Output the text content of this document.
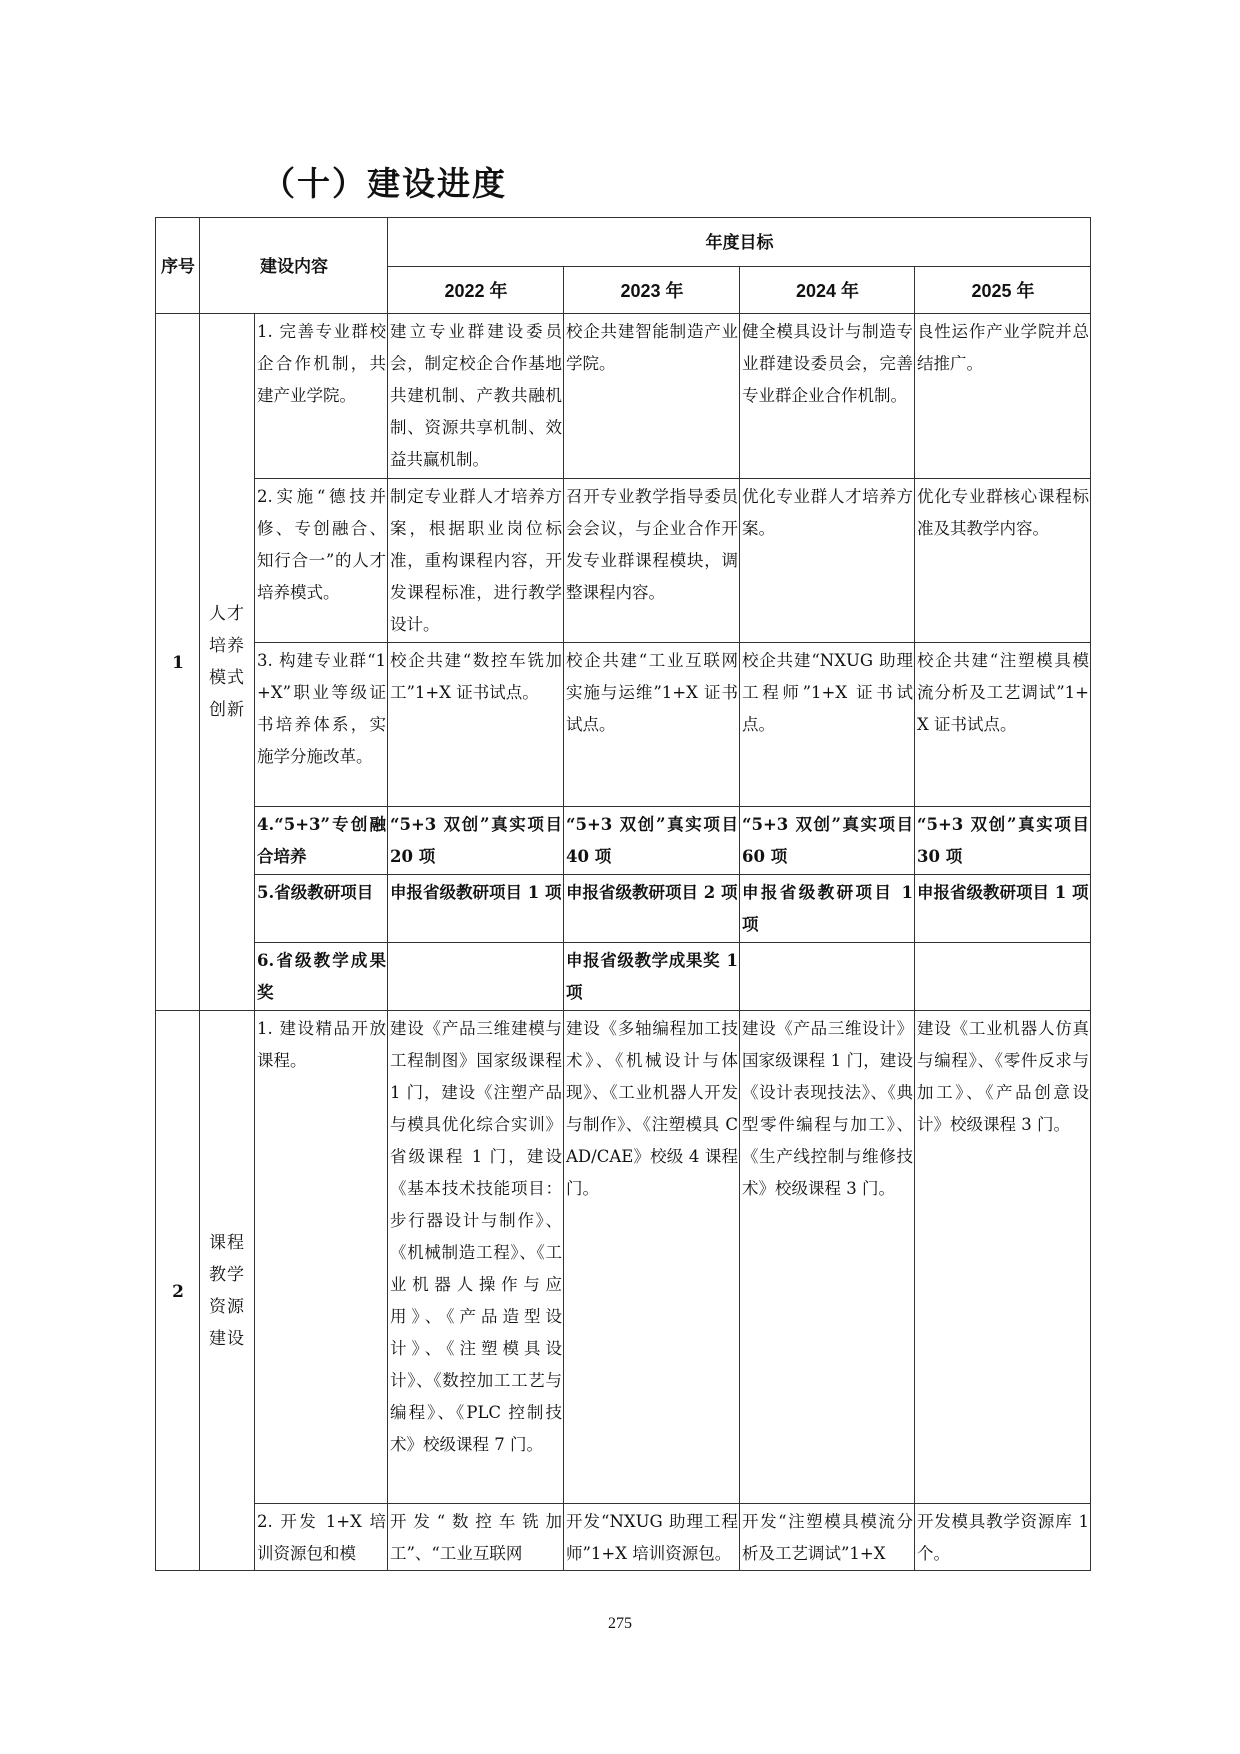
（十）建设进度
序号	建设内容		年度目标			
			2022 年	2023 年	2024 年	2025 年
1	人才培养模式创新	1. 完善专业群校企合作机制，共建产业学院。	建立专业群建设委员会，制定校企合作基地共建机制、产教共融机制、资源共享机制、效益共赢机制。	校企共建智能制造产业学院。	健全模具设计与制造专业群建设委员会，完善专业群企业合作机制。	良性运作产业学院并总结推广。
		2.实施“德技并修、专创融合、知行合一”的人才培养模式。	制定专业群人才培养方案，根据职业岗位标准，重构课程内容，开发课程标准，进行教学设计。	召开专业教学指导委员会会议，与企业合作开发专业群课程模块，调整课程内容。	优化专业群人才培养方案。	优化专业群核心课程标准及其教学内容。
		3. 构建专业群“1+X”职业等级证书培养体系，实施学分施改革。	校企共建“数控车铣加工”1+X 证书试点。	校企共建“工业互联网实施与运维”1+X 证书试点。	校企共建“NXUG 助理工程师”1+X 证书试点。	校企共建“注塑模具模流分析及工艺调试”1+X 证书试点。
		4.“5+3”专创融合培养	“5+3 双创”真实项目 20 项	“5+3 双创”真实项目 40 项	“5+3 双创”真实项目 60 项	“5+3 双创”真实项目 30 项
		5.省级教研项目	申报省级教研项目 1 项	申报省级教研项目 2 项	申报省级教研项目 1 项	申报省级教研项目 1 项
		6.省级教学成果奖		申报省级教学成果奖 1 项		
2	课程教学资源建设	1. 建设精品开放课程。	建设《产品三维建模与工程制图》国家级课程 1 门，建设《注塑产品与模具优化综合实训》省级课程 1 门，建设《基本技术技能项目：步行器设计与制作》、《机械制造工程》、《工业机器人操作与应用》、《产品造型设计》、《注塑模具设计》、《数控加工工艺与编程》、《PLC 控制技术》校级课程 7 门。	建设《多轴编程加工技术》、《机械设计与体现》、《工业机器人开发与制作》、《注塑模具 CAD/CAE》校级 4 课程门。	建设《产品三维设计》国家级课程 1 门，建设《设计表现技法》、《典型零件编程与加工》、《生产线控制与维修技术》校级课程 3 门。	建设《工业机器人仿真与编程》、《零件反求与加工》、《产品创意设计》校级课程 3 门。
		2. 开发 1+X 培训资源包和模	开发“数控车铣加工”、“工业互联网	开发“NXUG 助理工程师”1+X 培训资源包。	开发“注塑模具模流分析及工艺调试”1+X	开发模具教学资源库 1 个。
275
